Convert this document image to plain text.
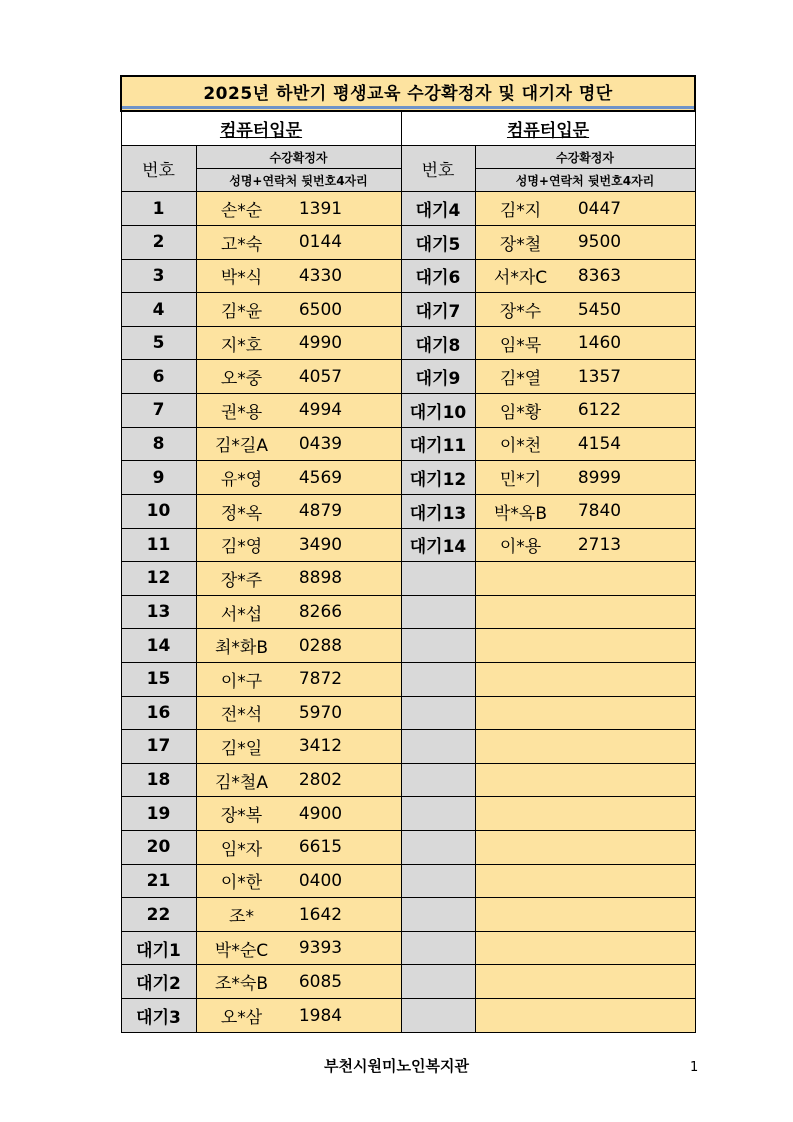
2025년 하반기 평생교육 수강확정자 및 대기자 명단			

컴퓨터입문		컴퓨터입문	
번호	수강확정자	번호	수강확정자
	성명+연락처 뒷번호4자리		성명+연락처 뒷번호4자리
1	손*순 1391	대기4	김*지 0447

2	고*숙 0144	대기5	장*철 9500

3	박*식 4330	대기6	서*자C 8363

4	김*윤 6500	대기7	장*수 5450

5	지*호 4990	대기8	임*묵 1460

6	오*중 4057	대기9	김*열 1357

7	권*용 4994	대기10	임*황 6122

8	김*길A 0439	대기11	이*천 4154

9	유*영 4569	대기12	민*기 8999

10	정*옥 4879	대기13	박*옥B 7840

11	김*영 3490	대기14	이*용 2713

12	장*주 8898		

13	서*섭 8266		

14	최*화B 0288		

15	이*구 7872		

16	전*석 5970		

17	김*일 3412		

18	김*철A 2802		

19	장*복 4900		

20	임*자 6615		

21	이*한 0400		

22	조* 1642		

대기1	박*순C 9393		

대기2	조*숙B 6085		

대기3	오*삼 1984		

부천시원미노인복지관	1
